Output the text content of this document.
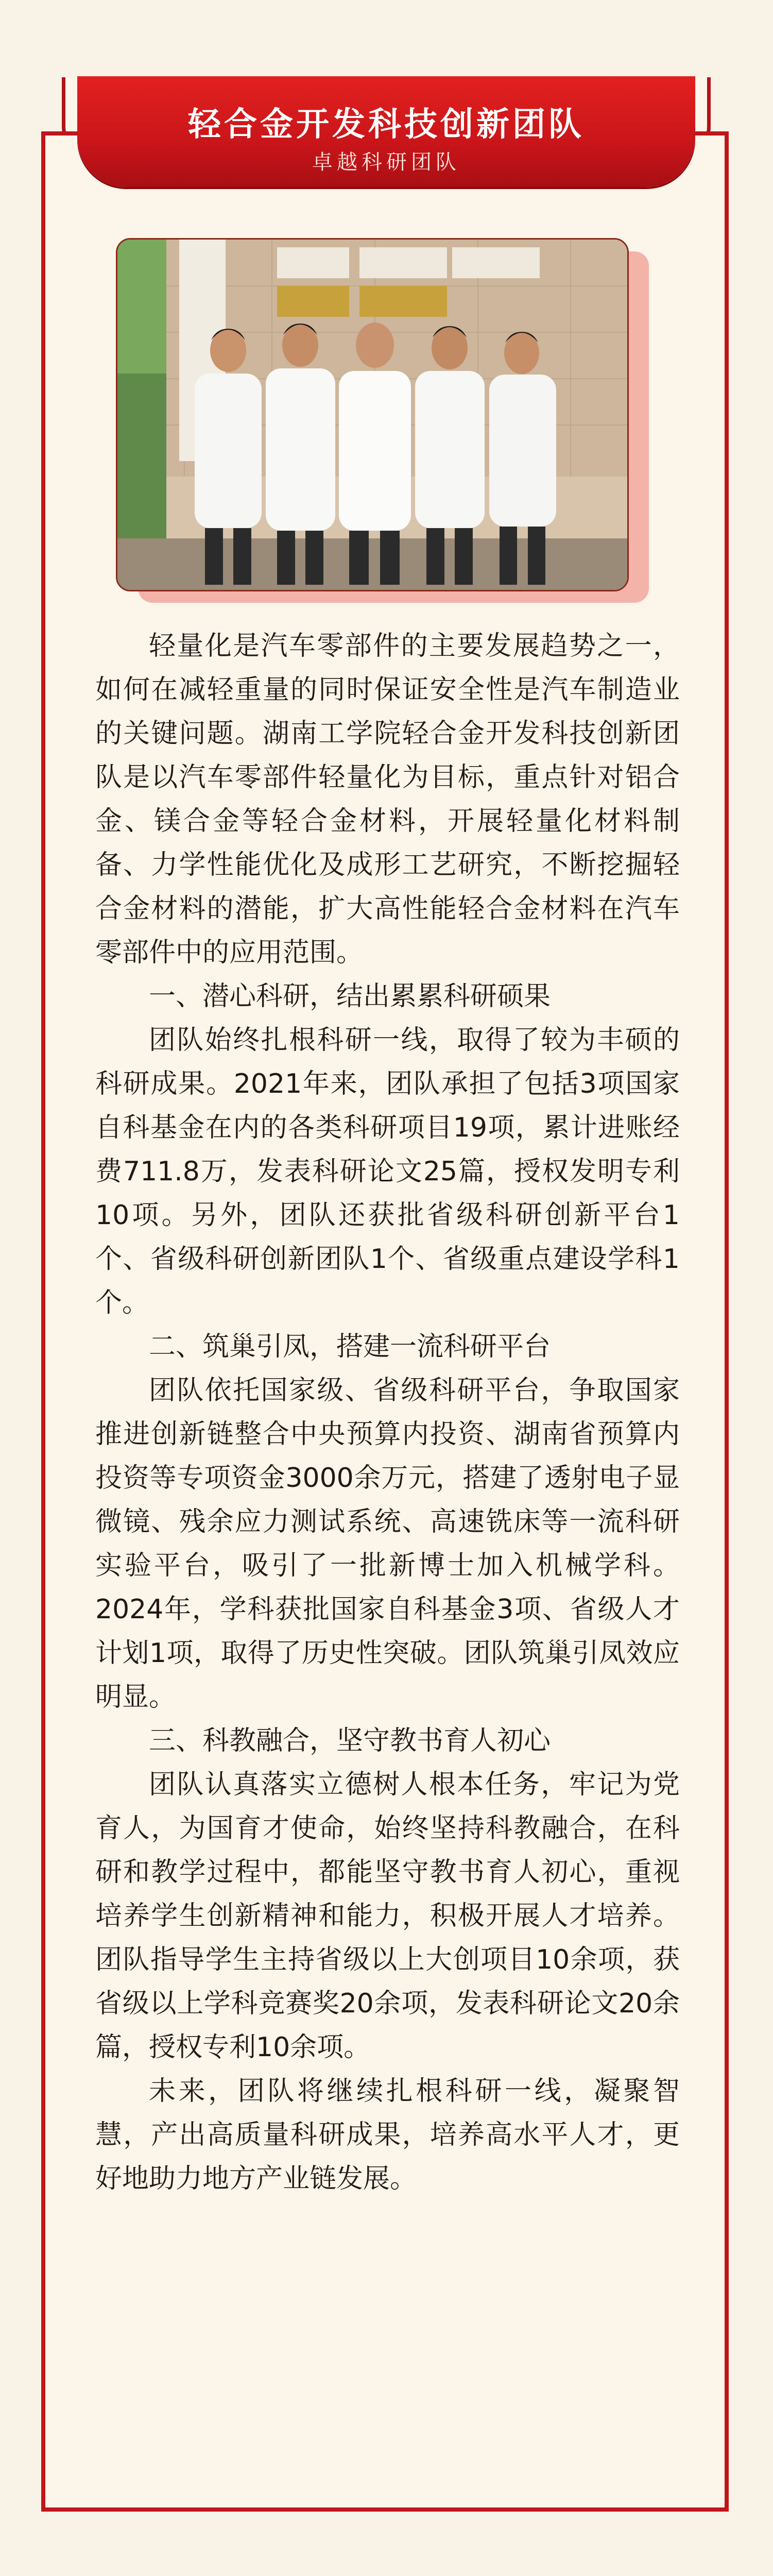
轻合金开发科技创新团队
卓越科研团队

轻量化是汽车零部件的主要发展趋势之一，如何在减轻重量的同时保证安全性是汽车制造业的关键问题。湖南工学院轻合金开发科技创新团队是以汽车零部件轻量化为目标，重点针对铝合金、镁合金等轻合金材料，开展轻量化材料制备、力学性能优化及成形工艺研究，不断挖掘轻合金材料的潜能，扩大高性能轻合金材料在汽车零部件中的应用范围。

一、潜心科研，结出累累科研硕果

团队始终扎根科研一线，取得了较为丰硕的科研成果。2021年来，团队承担了包括3项国家自科基金在内的各类科研项目19项，累计进账经费711.8万，发表科研论文25篇，授权发明专利10项。另外，团队还获批省级科研创新平台1个、省级科研创新团队1个、省级重点建设学科1个。

二、筑巢引凤，搭建一流科研平台

团队依托国家级、省级科研平台，争取国家推进创新链整合中央预算内投资、湖南省预算内投资等专项资金3000余万元，搭建了透射电子显微镜、残余应力测试系统、高速铣床等一流科研实验平台，吸引了一批新博士加入机械学科。2024年，学科获批国家自科基金3项、省级人才计划1项，取得了历史性突破。团队筑巢引凤效应明显。

三、科教融合，坚守教书育人初心

团队认真落实立德树人根本任务，牢记为党育人，为国育才使命，始终坚持科教融合，在科研和教学过程中，都能坚守教书育人初心，重视培养学生创新精神和能力，积极开展人才培养。团队指导学生主持省级以上大创项目10余项，获省级以上学科竞赛奖20余项，发表科研论文20余篇，授权专利10余项。

未来，团队将继续扎根科研一线，凝聚智慧，产出高质量科研成果，培养高水平人才，更好地助力地方产业链发展。
